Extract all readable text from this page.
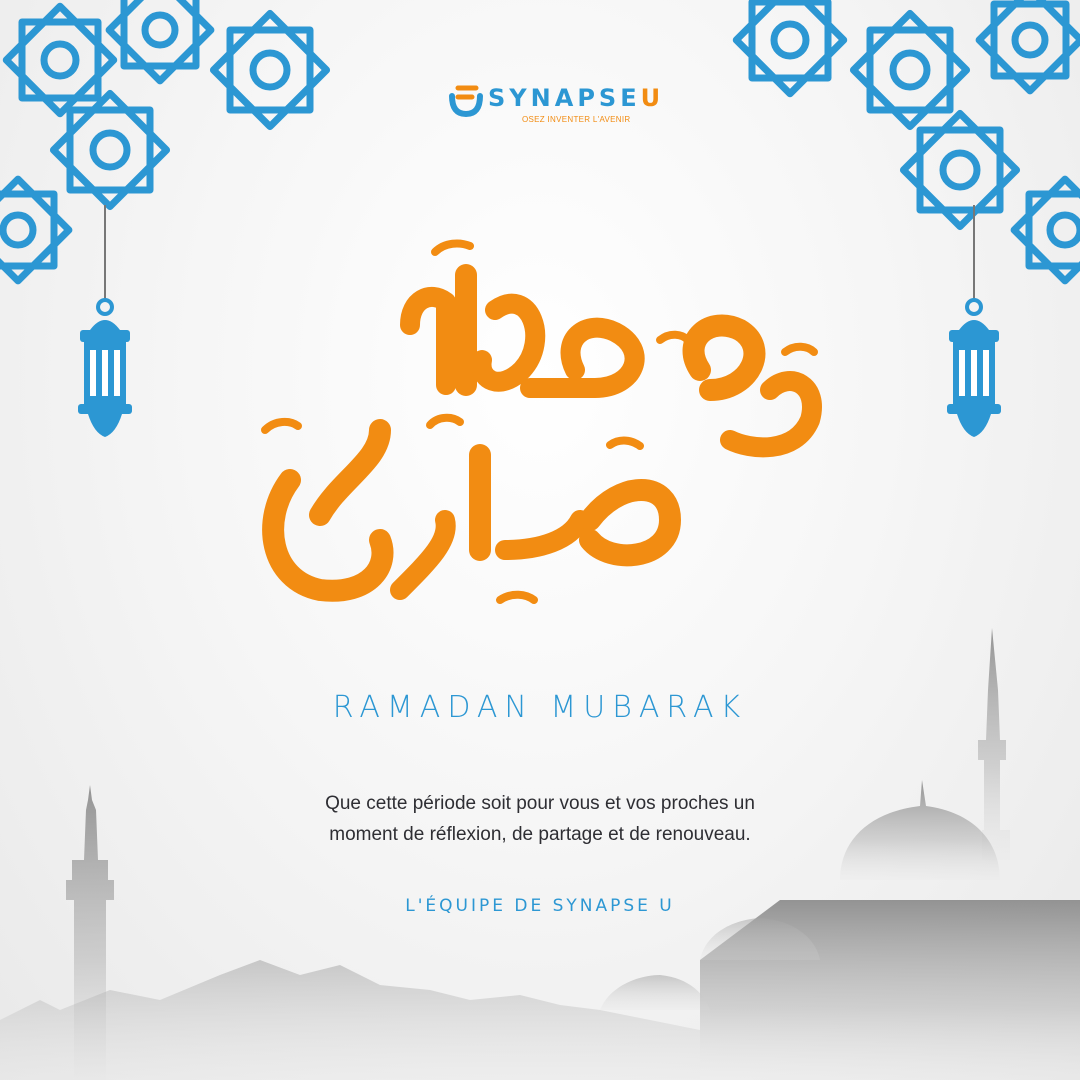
SYNAPSEU
OSEZ INVENTER L'AVENIR
RAMADAN MUBARAK
Que cette période soit pour vous et vos proches un
moment de réflexion, de partage et de renouveau.
L'ÉQUIPE DE SYNAPSE U
